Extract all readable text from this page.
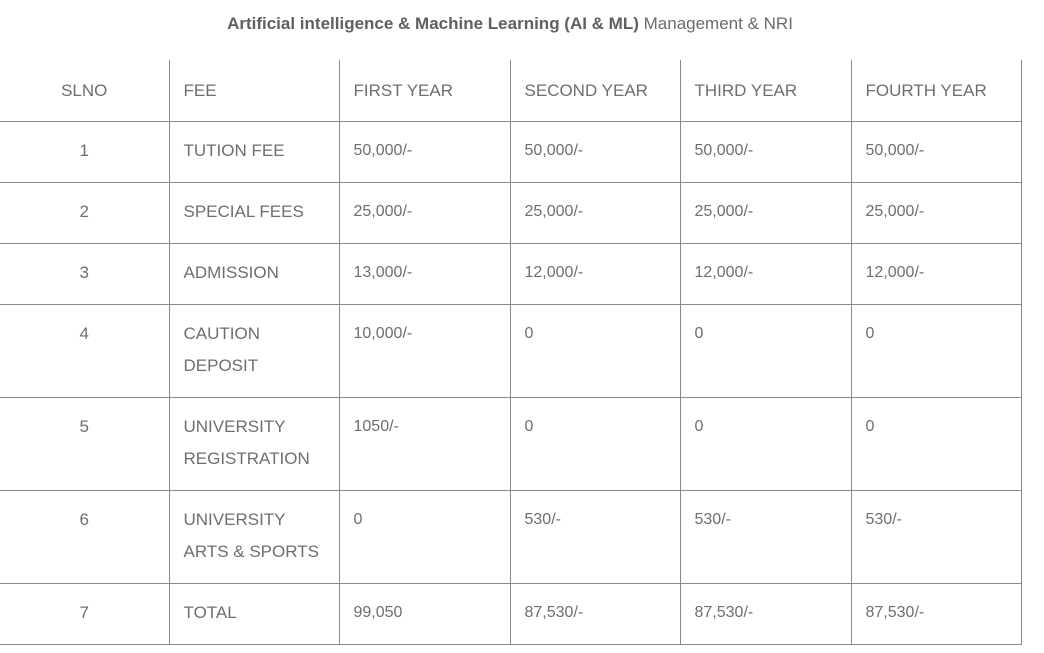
Artificial intelligence & Machine Learning (AI & ML) Management & NRI
SLNO	FEE	FIRST YEAR	SECOND YEAR	THIRD YEAR	FOURTH YEAR
1	TUTION FEE	50,000/-	50,000/-	50,000/-	50,000/-
2	SPECIAL FEES	25,000/-	25,000/-	25,000/-	25,000/-
3	ADMISSION	13,000/-	12,000/-	12,000/-	12,000/-
4	CAUTION DEPOSIT	10,000/-	0	0	0
5	UNIVERSITY REGISTRATION	1050/-	0	0	0
6	UNIVERSITY ARTS & SPORTS	0	530/-	530/-	530/-
7	TOTAL	99,050	87,530/-	87,530/-	87,530/-
